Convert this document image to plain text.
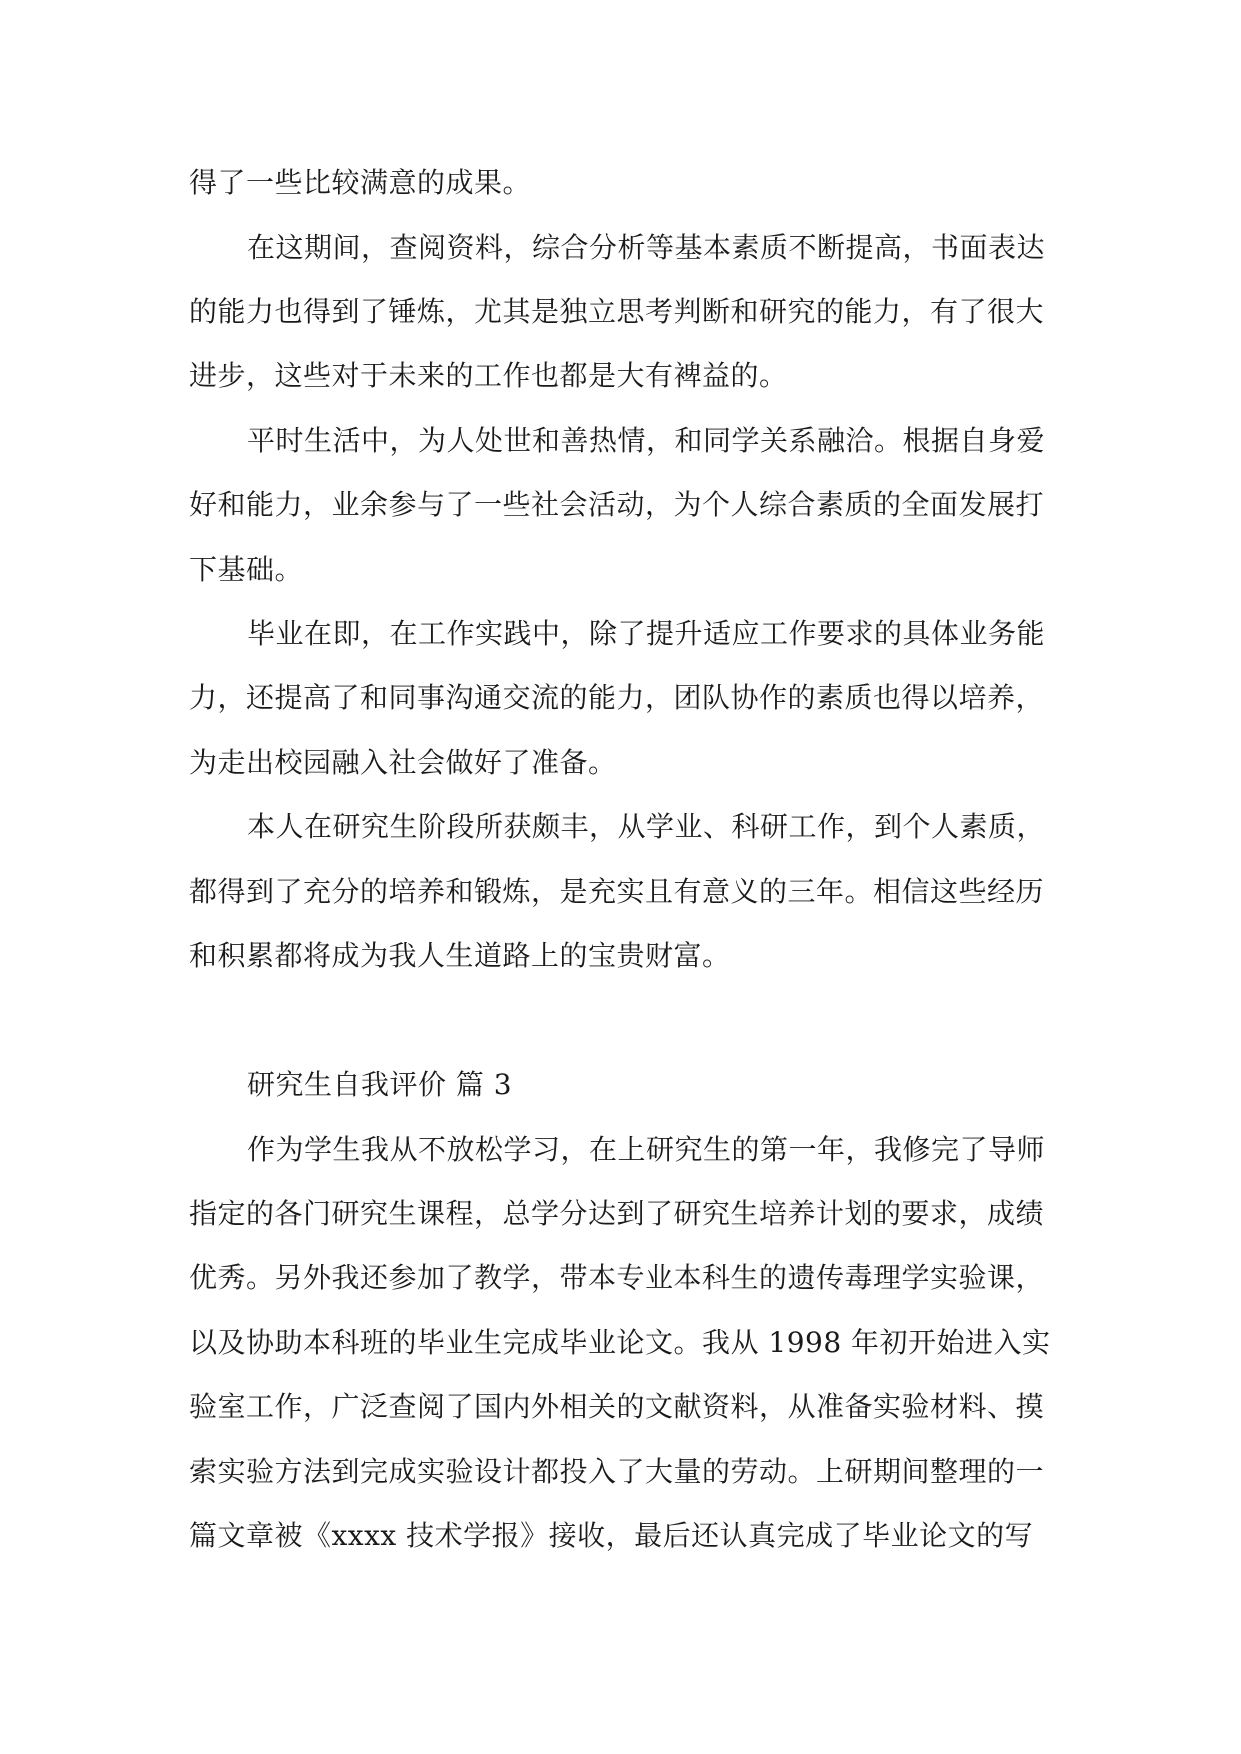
得了一些比较满意的成果。
在这期间，查阅资料，综合分析等基本素质不断提高，书面表达
的能力也得到了锤炼，尤其是独立思考判断和研究的能力，有了很大
进步，这些对于未来的工作也都是大有裨益的。
平时生活中，为人处世和善热情，和同学关系融洽。根据自身爱
好和能力，业余参与了一些社会活动，为个人综合素质的全面发展打
下基础。
毕业在即，在工作实践中，除了提升适应工作要求的具体业务能
力，还提高了和同事沟通交流的能力，团队协作的素质也得以培养，
为走出校园融入社会做好了准备。
本人在研究生阶段所获颇丰，从学业、科研工作，到个人素质，
都得到了充分的培养和锻炼，是充实且有意义的三年。相信这些经历
和积累都将成为我人生道路上的宝贵财富。
研究生自我评价 篇 3
作为学生我从不放松学习，在上研究生的第一年，我修完了导师
指定的各门研究生课程，总学分达到了研究生培养计划的要求，成绩
优秀。另外我还参加了教学，带本专业本科生的遗传毒理学实验课，
以及协助本科班的毕业生完成毕业论文。我从 1998 年初开始进入实
验室工作，广泛查阅了国内外相关的文献资料，从准备实验材料、摸
索实验方法到完成实验设计都投入了大量的劳动。上研期间整理的一
篇文章被《xxxx 技术学报》接收，最后还认真完成了毕业论文的写
